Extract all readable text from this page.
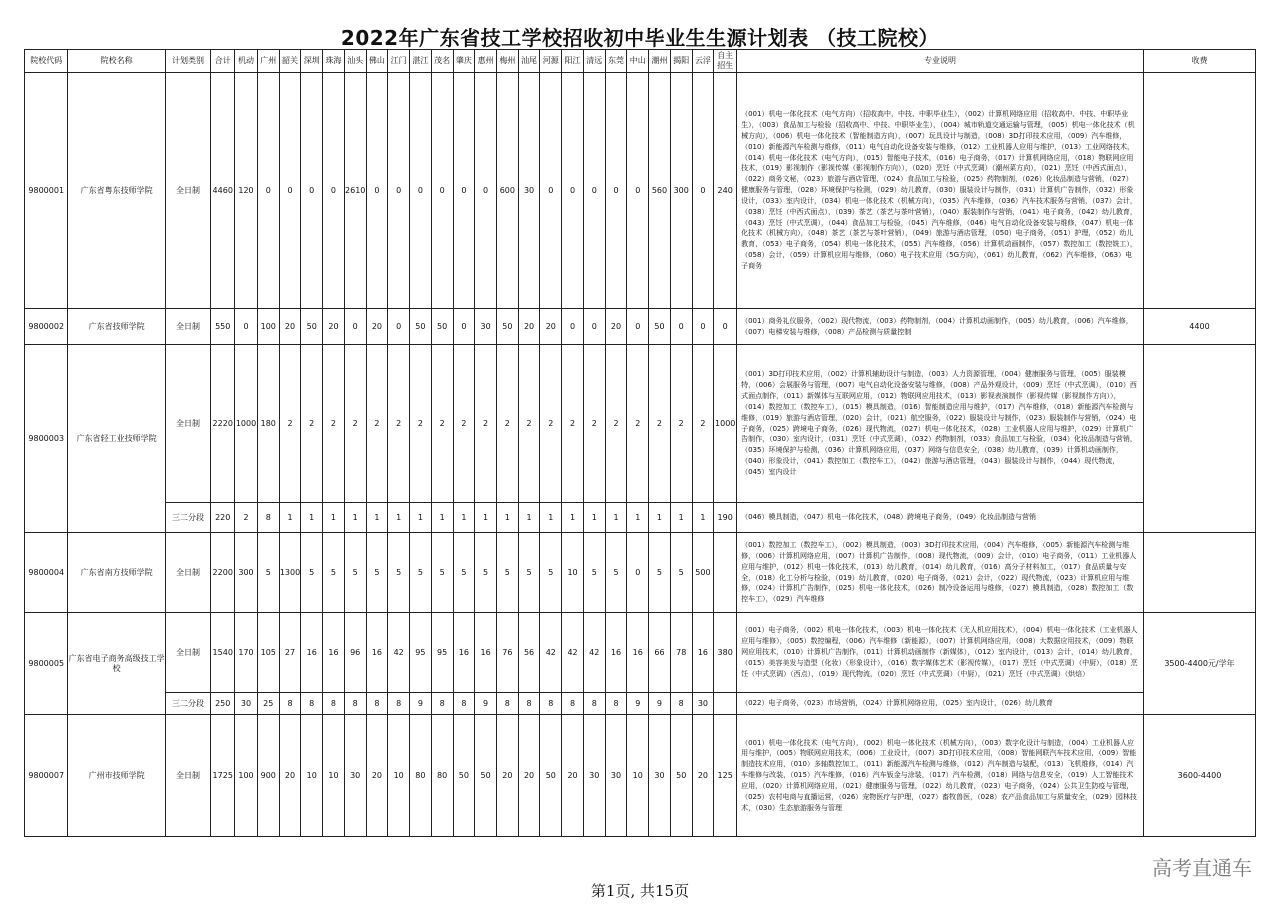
2022年广东省技工学校招收初中毕业生生源计划表 （技工院校）
院校代码	院校名称	计划类别	合计	机动	广州	韶关	深圳	珠海	汕头	佛山	江门	湛江	茂名	肇庆	惠州	梅州	汕尾	河源	阳江	清远	东莞	中山	潮州	揭阳	云浮	自主招生	专业说明	收费
9800001	广东省粤东技师学院	全日制	4460	120	0	0	0	0	2610	0	0	0	0	0	0	600	30	0	0	0	0	0	560	300	0	240	（001）机电一体化技术（电气方向）（招收高中、中技、中职毕业生），（002）计算机网络应用（招收高中、中技、中职毕业生），（003）食品加工与检验（招收高中、中技、中职毕业生），（004）城市轨道交通运输与管理，（005）机电一体化技术（机械方向），（006）机电一体化技术（智能制造方向），（007）玩具设计与制造，（008）3D打印技术应用，（009）汽车维修，（010）新能源汽车检测与维修，（011）电气自动化设备安装与维修，（012）工业机器人应用与维护，（013）工业网络技术，（014）机电一体化技术（电气方向），（015）智能电子技术，（016）电子商务，（017）计算机网络应用，（018）物联网应用技术，（019）影视制作（影视传媒（影视制作方向）），（020）烹饪（中式烹调）（潮州菜方向），（021）烹饪（中西式面点），（022）商务文秘，（023）旅游与酒店管理，（024）食品加工与检验，（025）药物制剂，（026）化妆品制造与营销，（027）健康服务与管理，（028）环境保护与检测，（029）幼儿教育，（030）服装设计与制作，（031）计算机广告制作，（032）形象设计，（033）室内设计，（034）机电一体化技术（机械方向），（035）汽车维修，（036）汽车技术服务与营销，（037）会计，（038）烹饪（中西式面点），（039）茶艺（茶艺与茶叶营销），（040）服装制作与营销，（041）电子商务，（042）幼儿教育，（043）烹饪（中式烹调），（044）食品加工与检验，（045）汽车维修，（046）电气自动化设备安装与维修，（047）机电一体化技术（机械方向），（048）茶艺（茶艺与茶叶营销），（049）旅游与酒店管理，（050）电子商务，（051）护理，（052）幼儿教育，（053）电子商务，（054）机电一体化技术，（055）汽车维修，（056）计算机动画制作，（057）数控加工（数控铣工），（058）会计，（059）计算机应用与维修，（060）电子技术应用（5G方向），（061）幼儿教育，（062）汽车维修，（063）电子商务	
9800002	广东省技师学院	全日制	550	0	100	20	50	20	0	20	0	50	50	0	30	50	20	20	0	0	20	0	50	0	0	0	（001）商务礼仪服务，（002）现代物流，（003）药物制剂，（004）计算机动画制作，（005）幼儿教育，（006）汽车维修，（007）电梯安装与维修，（008）产品检测与质量控制	4400
9800003	广东省轻工业技师学院	全日制	2220	1000	180	2	2	2	2	2	2	2	2	2	2	2	2	2	2	2	2	2	2	2	2	1000	（001）3D打印技术应用，（002）计算机辅助设计与制造，（003）人力资源管理，（004）健康服务与管理，（005）服装模特，（006）会展服务与管理，（007）电气自动化设备安装与维修，（008）产品外观设计，（009）烹饪（中式烹调），（010）西式面点制作，（011）新媒体与互联网应用，（012）物联网应用技术，（013）影视表演制作（影视传媒（影视制作方向）），（014）数控加工（数控车工），（015）模具制造，（016）智能制造应用与维护，（017）汽车维修，（018）新能源汽车检测与维修，（019）旅游与酒店管理，（020）会计，（021）航空服务，（022）服装设计与制作，（023）服装制作与营销，（024）电子商务，（025）跨境电子商务，（026）现代物流，（027）机电一体化技术，（028）工业机器人应用与维护，（029）计算机广告制作，（030）室内设计，（031）烹饪（中式烹调），（032）药物制剂，（033）食品加工与检验，（034）化妆品制造与营销，（035）环境保护与检测，（036）计算机网络应用，（037）网络与信息安全，（038）幼儿教育，（039）计算机动画制作，（040）形象设计，（041）数控加工（数控车工），（042）旅游与酒店管理，（043）服装设计与制作，（044）现代物流，（045）室内设计	
		三二分段	220	2	8	1	1	1	1	1	1	1	1	1	1	1	1	1	1	1	1	1	1	1	1	190	（046）模具制造，（047）机电一体化技术，（048）跨境电子商务，（049）化妆品制造与营销	
9800004	广东省南方技师学院	全日制	2200	300	5	1300	5	5	5	5	5	5	5	5	5	5	5	5	10	5	5	0	5	5	500		（001）数控加工（数控车工），（002）模具制造，（003）3D打印技术应用，（004）汽车维修，（005）新能源汽车检测与维修，（006）计算机网络应用，（007）计算机广告制作，（008）现代物流，（009）会计，（010）电子商务，（011）工业机器人应用与维护，（012）机电一体化技术，（013）幼儿教育，（014）幼儿教育，（016）高分子材料加工，（017）食品质量与安全，（018）化工分析与检验，（019）幼儿教育，（020）电子商务，（021）会计，（022）现代物流，（023）计算机应用与维修，（024）计算机广告制作，（025）机电一体化技术，（026）制冷设备运用与维修，（027）模具制造，（028）数控加工（数控车工），（029）汽车维修	
9800005	广东省电子商务高级技工学校	全日制	1540	170	105	27	16	16	96	16	42	95	95	16	16	76	56	42	42	42	16	16	66	78	16	380	（001）电子商务，（002）机电一体化技术，（003）机电一体化技术（无人机应用技术），（004）机电一体化技术（工业机器人应用与维修），（005）数控编程，（006）汽车维修（新能源），（007）计算机网络应用，（008）大数据应用技术，（009）物联网应用技术，（010）计算机广告制作，（011）计算机动画制作（新媒体），（012）室内设计，（013）会计，（014）幼儿教育，（015）美容美发与造型（化妆）（形象设计），（016）数字媒体艺术（影视传媒），（017）烹饪（中式烹调）（中厨），（018）烹饪（中式烹调）（西点），（019）现代物流，（020）烹饪（中式烹调）（中厨），（021）烹饪（中式烹调）（烘焙）	3500-4400元/学年
		三二分段	250	30	25	8	8	8	8	8	8	9	8	8	9	8	8	8	8	8	8	9	9	8	30		（022）电子商务，（023）市场营销，（024）计算机网络应用，（025）室内设计，（026）幼儿教育	
9800007	广州市技师学院	全日制	1725	100	900	20	10	10	30	20	10	80	80	50	50	20	20	50	20	30	30	10	30	50	20	125	（001）机电一体化技术（电气方向），（002）机电一体化技术（机械方向），（003）数字化设计与制造，（004）工业机器人应用与维护，（005）物联网应用技术，（006）工业设计，（007）3D打印技术应用，（008）智能网联汽车技术应用，（009）智能制造技术应用，（010）多轴数控加工，（011）新能源汽车检测与维修，（012）汽车制造与装配，（013）飞机维修，（014）汽车维修与改装，（015）汽车维修，（016）汽车钣金与涂装，（017）汽车检测，（018）网络与信息安全，（019）人工智能技术应用，（020）计算机网络应用，（021）健康服务与管理，（022）幼儿教育，（023）电子商务，（024）公共卫生防疫与管理，（025）农村电商与直播运营，（026）宠物医疗与护理，（027）畜牧兽医，（028）农产品食品加工与质量安全，（029）园林技术，（030）生态旅游服务与管理	3600-4400
高考直通车
第1页, 共15页
